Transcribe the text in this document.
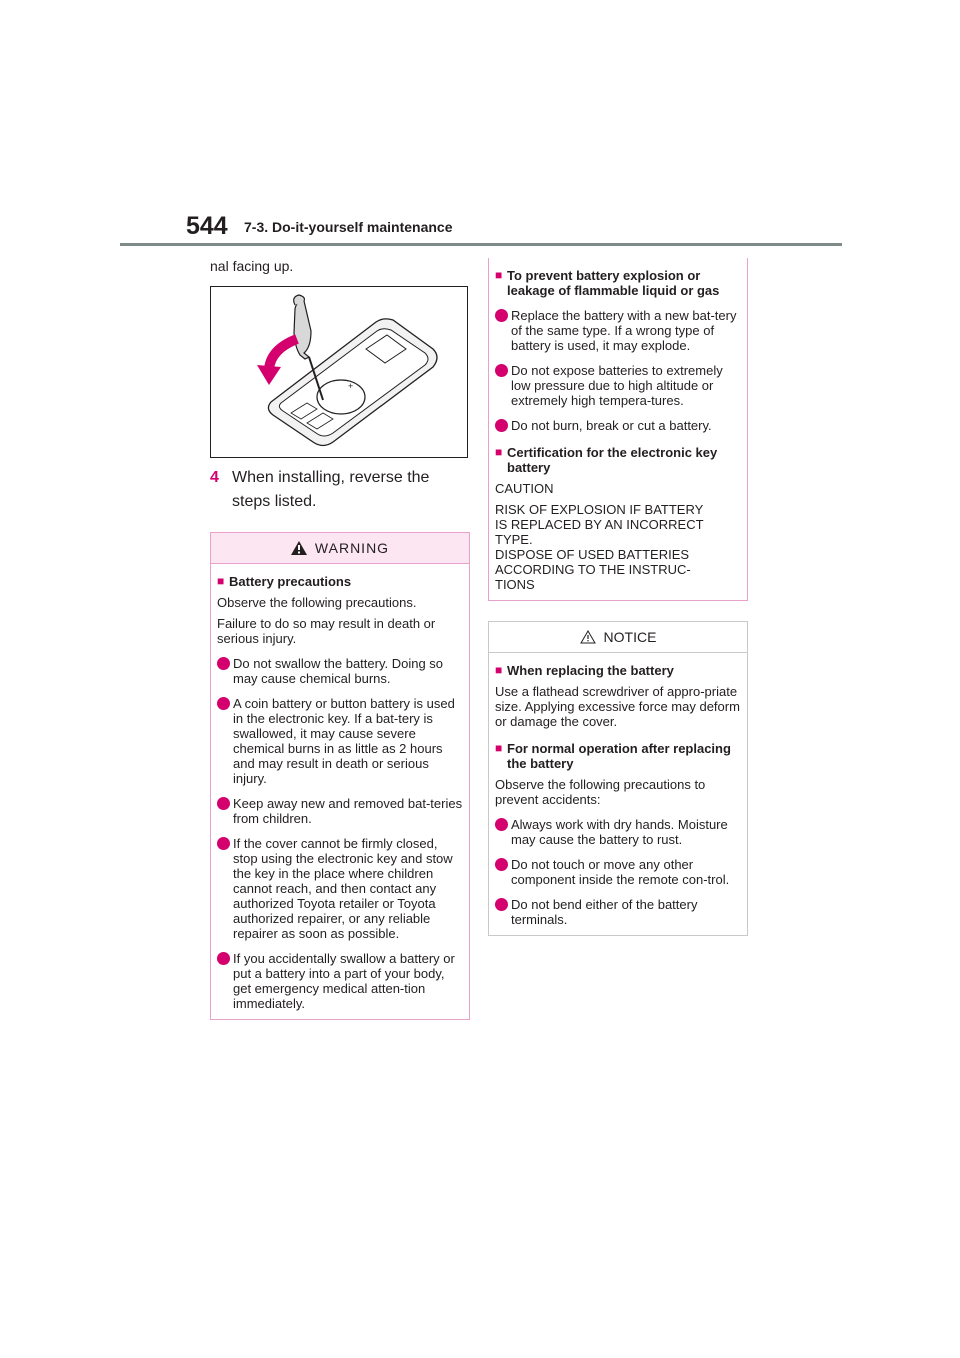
544 7-3. Do-it-yourself maintenance
nal facing up.
+
4 When installing, reverse the steps listed.
WARNING
■ Battery precautions
Observe the following precautions.
Failure to do so may result in death or serious injury.
Do not swallow the battery. Doing so may cause chemical burns.
A coin battery or button battery is used in the electronic key. If a bat-tery is swallowed, it may cause severe chemical burns in as little as 2 hours and may result in death or serious injury.
Keep away new and removed bat-teries from children.
If the cover cannot be firmly closed, stop using the electronic key and stow the key in the place where children cannot reach, and then contact any authorized Toyota retailer or Toyota authorized repairer, or any reliable repairer as soon as possible.
If you accidentally swallow a battery or put a battery into a part of your body, get emergency medical atten-tion immediately.
■ To prevent battery explosion or leakage of flammable liquid or gas
Replace the battery with a new bat-tery of the same type. If a wrong type of battery is used, it may explode.
Do not expose batteries to extremely low pressure due to high altitude or extremely high tempera-tures.
Do not burn, break or cut a battery.
■ Certification for the electronic key battery
CAUTION
RISK OF EXPLOSION IF BATTERY
IS REPLACED BY AN INCORRECT
TYPE.
DISPOSE OF USED BATTERIES
ACCORDING TO THE INSTRUC-
TIONS
NOTICE
■ When replacing the battery
Use a flathead screwdriver of appro-priate size. Applying excessive force may deform or damage the cover.
■ For normal operation after replacing the battery
Observe the following precautions to prevent accidents:
Always work with dry hands. Moisture may cause the battery to rust.
Do not touch or move any other component inside the remote con-trol.
Do not bend either of the battery terminals.
